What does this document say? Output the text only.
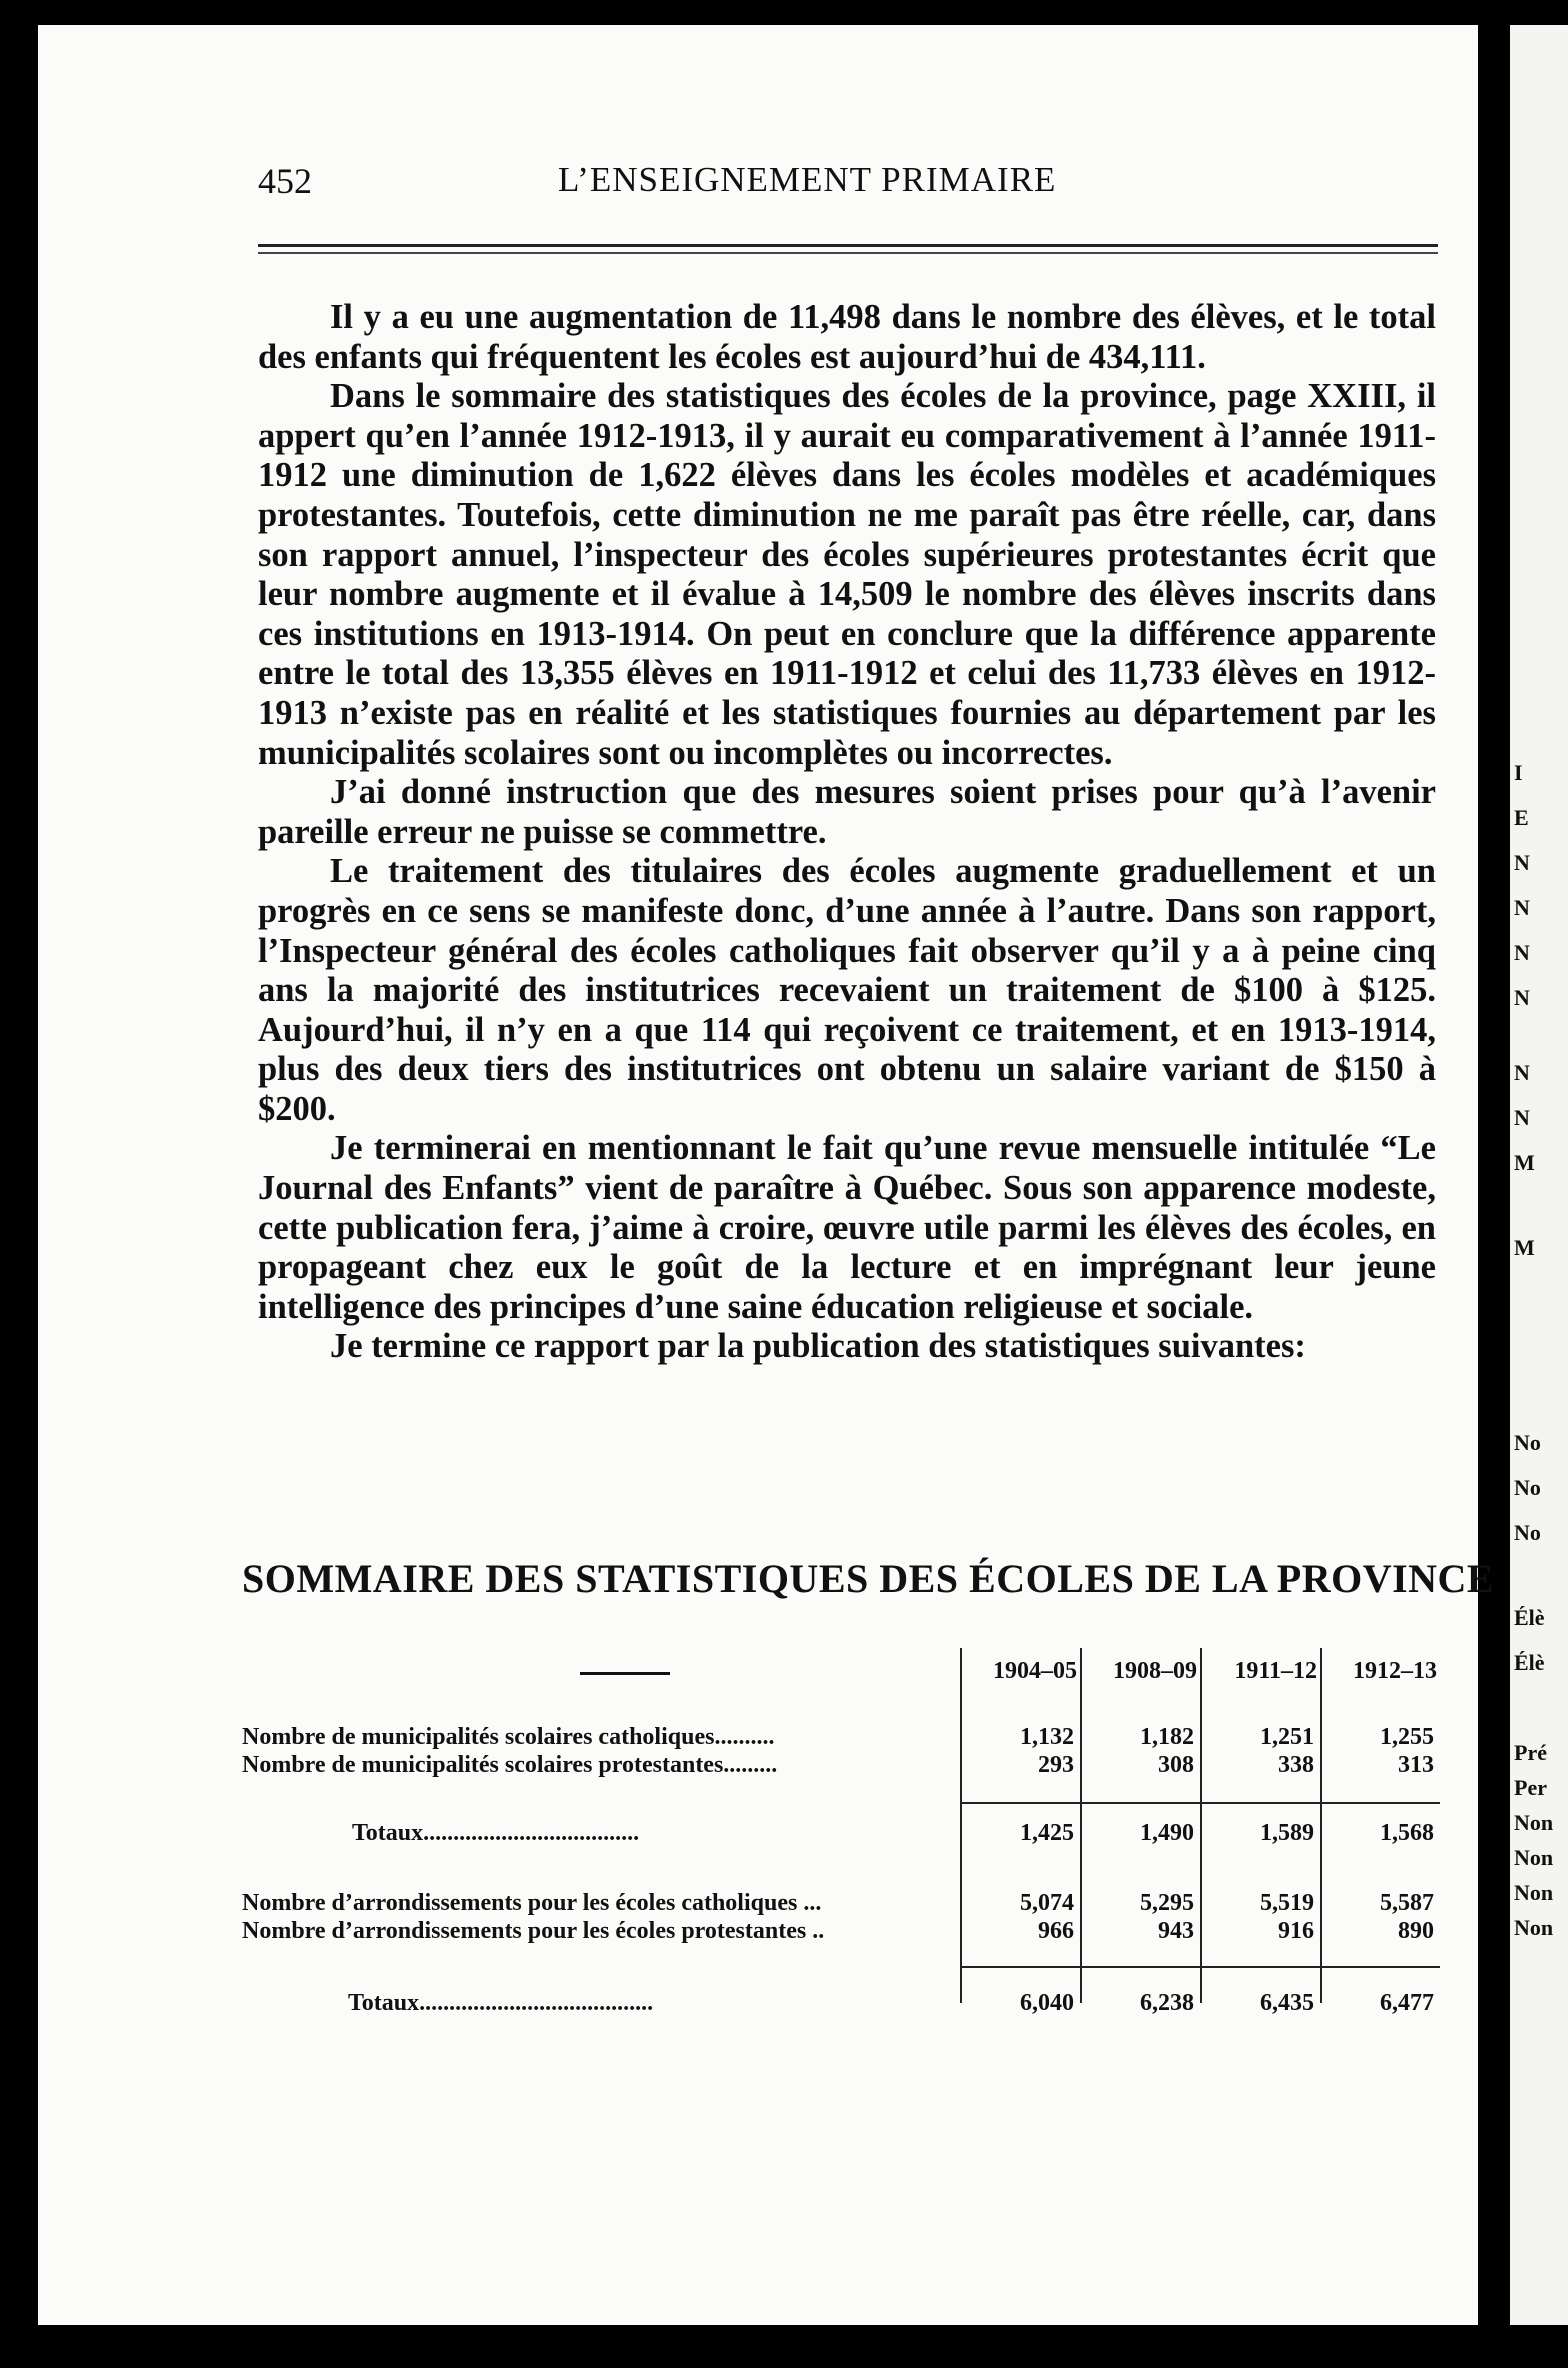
I
E
N
N
N
N
N
N
M
M
No
No
No
Élè
Élè
Pré
Per
Non
Non
Non
Non
452	L’ENSEIGNEMENT PRIMAIRE

Il y a eu une augmentation de 11,498 dans le nombre des élèves, et le total des enfants qui fréquentent les écoles est aujourd’hui de 434,111.

Dans le sommaire des statistiques des écoles de la province, page XXIII, il appert qu’en l’année 1912-1913, il y aurait eu comparativement à l’année 1911-1912 une diminution de 1,622 élèves dans les écoles modèles et académiques protestantes. Toutefois, cette diminution ne me paraît pas être réelle, car, dans son rapport annuel, l’inspecteur des écoles supérieures protestantes écrit que leur nombre augmente et il évalue à 14,509 le nombre des élèves inscrits dans ces institutions en 1913-1914. On peut en conclure que la différence apparente entre le total des 13,355 élèves en 1911-1912 et celui des 11,733 élèves en 1912-1913 n’existe pas en réalité et les statistiques fournies au département par les municipalités scolaires sont ou incomplètes ou incorrectes.

J’ai donné instruction que des mesures soient prises pour qu’à l’avenir pareille erreur ne puisse se commettre.

Le traitement des titulaires des écoles augmente graduellement et un progrès en ce sens se manifeste donc, d’une année à l’autre. Dans son rapport, l’Inspecteur général des écoles catholiques fait observer qu’il y a à peine cinq ans la majorité des institutrices recevaient un traitement de $100 à $125. Aujourd’hui, il n’y en a que 114 qui reçoivent ce traitement, et en 1913-1914, plus des deux tiers des institutrices ont obtenu un salaire variant de $150 à $200.

Je terminerai en mentionnant le fait qu’une revue mensuelle intitulée “Le Journal des Enfants” vient de paraître à Québec. Sous son apparence modeste, cette publication fera, j’aime à croire, œuvre utile parmi les élèves des écoles, en propageant chez eux le goût de la lecture et en imprégnant leur jeune intelligence des principes d’une saine éducation religieuse et sociale.

Je termine ce rapport par la publication des statistiques suivantes:

SOMMAIRE DES STATISTIQUES DES ÉCOLES DE LA PROVINCE
1904–05	1908–09	1911–12	1912–13
Nombre de municipalités scolaires catholiques..........	1,132	1,182	1,251	1,255
Nombre de municipalités scolaires protestantes.........	293	308	338	313
Totaux....................................	1,425	1,490	1,589	1,568
Nombre d’arrondissements pour les écoles catholiques ...	5,074	5,295	5,519	5,587
Nombre d’arrondissements pour les écoles protestantes ..	966	943	916	890
Totaux.......................................	6,040	6,238	6,435	6,477
